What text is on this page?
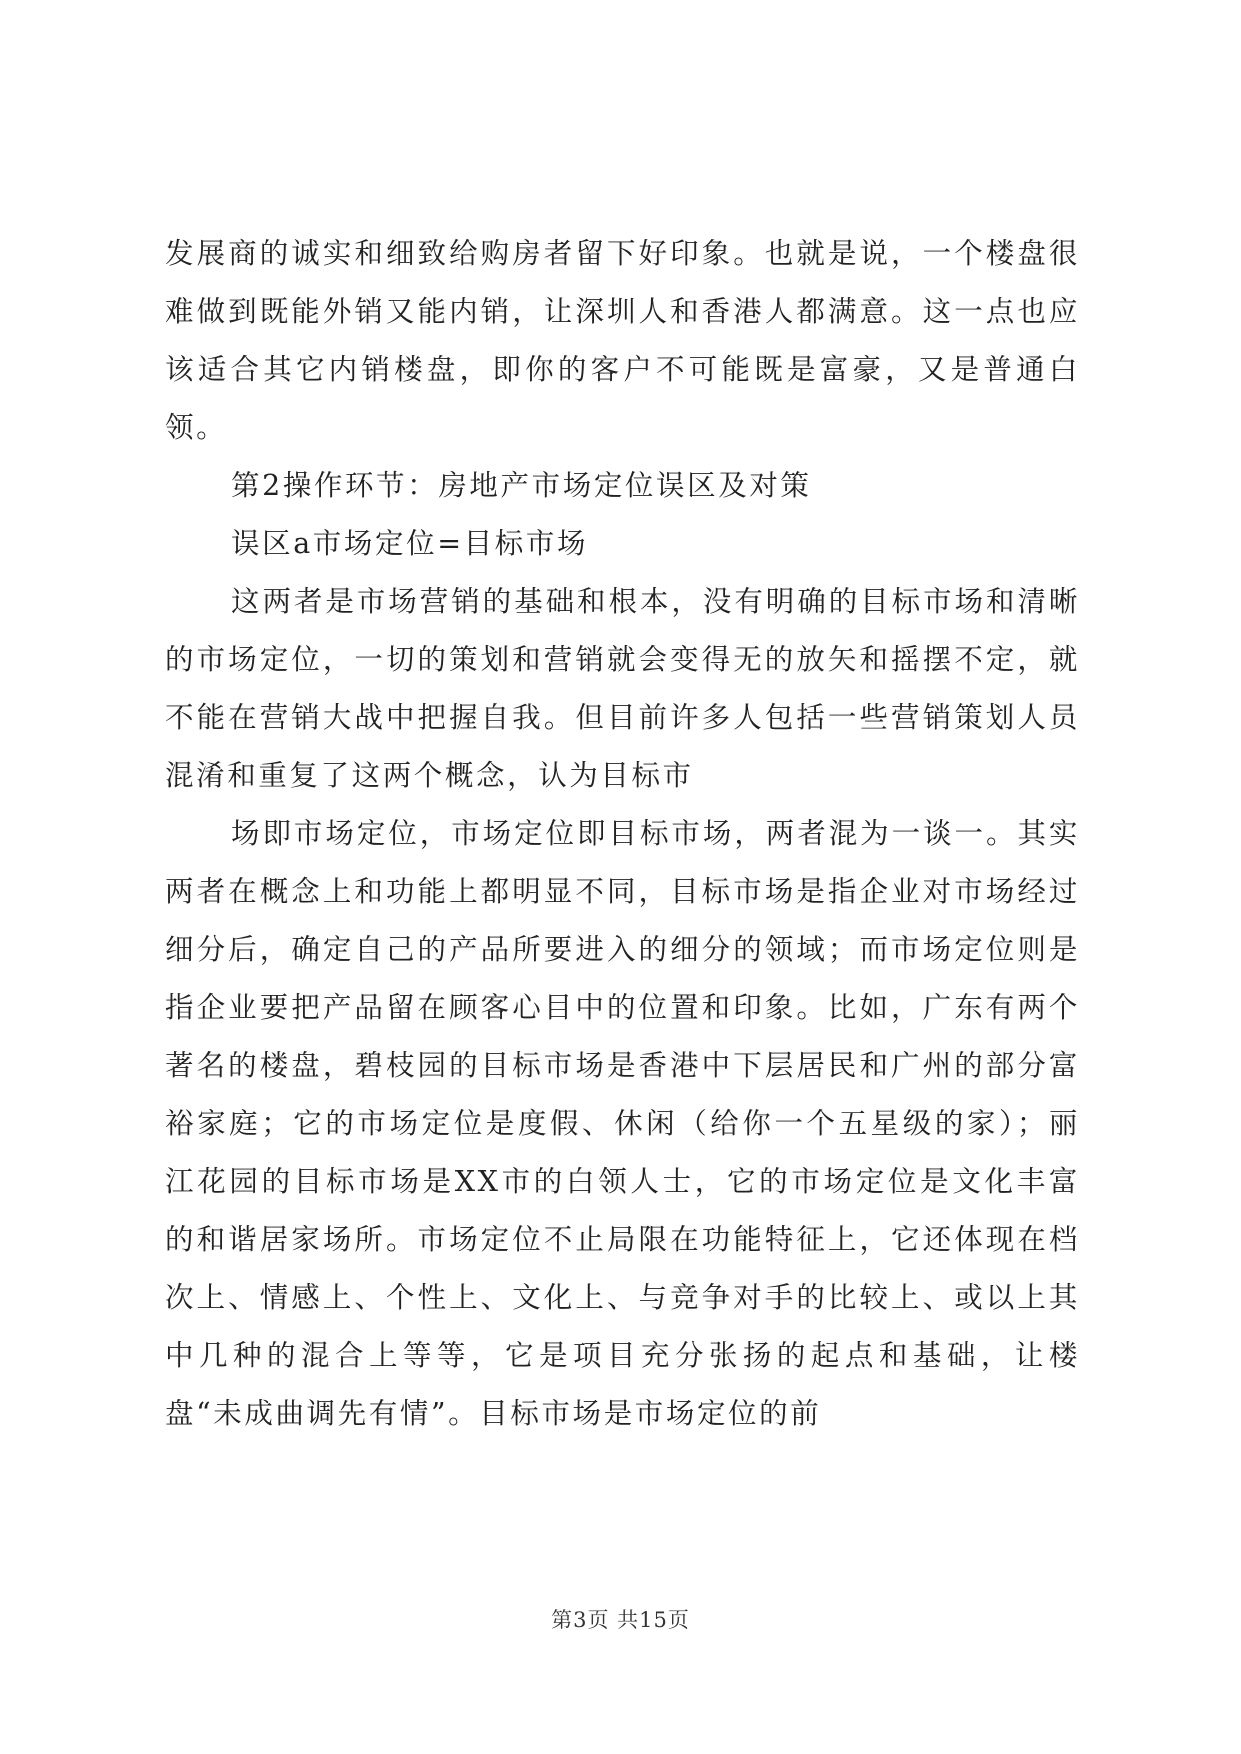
发展商的诚实和细致给购房者留下好印象。也就是说，一个楼盘很难做到既能外销又能内销，让深圳人和香港人都满意。这一点也应该适合其它内销楼盘，即你的客户不可能既是富豪，又是普通白领。

第2操作环节：房地产市场定位误区及对策

误区a市场定位=目标市场

这两者是市场营销的基础和根本，没有明确的目标市场和清晰的市场定位，一切的策划和营销就会变得无的放矢和摇摆不定，就不能在营销大战中把握自我。但目前许多人包括一些营销策划人员混淆和重复了这两个概念，认为目标市

场即市场定位，市场定位即目标市场，两者混为一谈一。其实两者在概念上和功能上都明显不同，目标市场是指企业对市场经过细分后，确定自己的产品所要进入的细分的领域；而市场定位则是指企业要把产品留在顾客心目中的位置和印象。比如，广东有两个著名的楼盘，碧枝园的目标市场是香港中下层居民和广州的部分富裕家庭；它的市场定位是度假、休闲（给你一个五星级的家）；丽江花园的目标市场是XX市的白领人士，它的市场定位是文化丰富的和谐居家场所。市场定位不止局限在功能特征上，它还体现在档次上、情感上、个性上、文化上、与竞争对手的比较上、或以上其中几种的混合上等等，它是项目充分张扬的起点和基础，让楼盘“未成曲调先有情”。目标市场是市场定位的前

第3页 共15页
